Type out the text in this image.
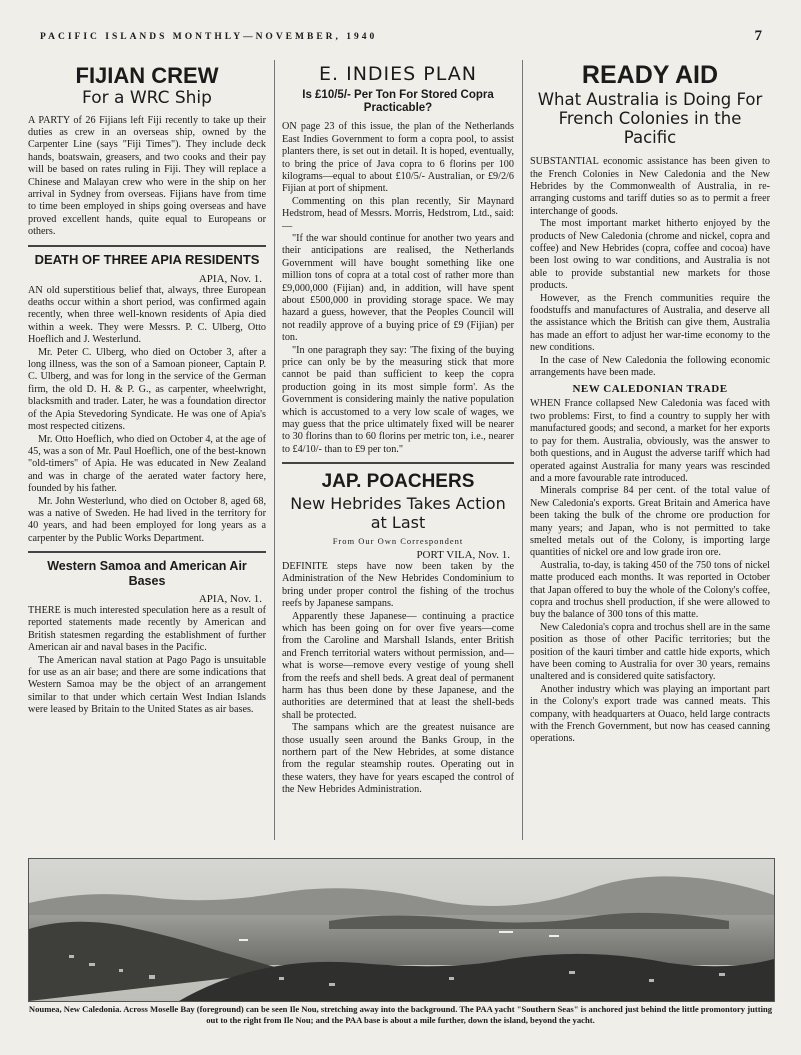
PACIFIC ISLANDS MONTHLY—NOVEMBER, 1940	7
FIJIAN CREW
For a WRC Ship

A PARTY of 26 Fijians left Fiji recently to take up their duties as crew in an overseas ship, owned by the Carpenter Line (says "Fiji Times"). They include deck hands, boatswain, greasers, and two cooks and their pay will be based on rates ruling in Fiji. They will replace a Chinese and Malayan crew who were in the ship on her arrival in Sydney from overseas. Fijians have from time to time been employed in ships going overseas and have proved excellent hands, quite equal to Europeans or others.

DEATH OF THREE APIA RESIDENTS
APIA, Nov. 1.

AN old superstitious belief that, always, three European deaths occur within a short period, was confirmed again recently, when three well-known residents of Apia died within a week. They were Messrs. P. C. Ulberg, Otto Hoeflich and J. Westerlund.

Mr. Peter C. Ulberg, who died on October 3, after a long illness, was the son of a Samoan pioneer, Captain P. C. Ulberg, and was for long in the service of the German firm, the old D. H. & P. G., as carpenter, wheelwright, blacksmith and trader. Later, he was a foundation director of the Apia Stevedoring Syndicate. He was one of Apia's most respected citizens.

Mr. Otto Hoeflich, who died on October 4, at the age of 45, was a son of Mr. Paul Hoeflich, one of the best-known "old-timers" of Apia. He was educated in New Zealand and was in charge of the aerated water factory here, founded by his father.

Mr. John Westerlund, who died on October 8, aged 68, was a native of Sweden. He had lived in the territory for 40 years, and had been employed for long years as a carpenter by the Public Works Department.

Western Samoa and American Air Bases
APIA, Nov. 1.

THERE is much interested speculation here as a result of reported statements made recently by American and British statesmen regarding the establishment of further American air and naval bases in the Pacific.

The American naval station at Pago Pago is unsuitable for use as an air base; and there are some indications that Western Samoa may be the object of an arrangement similar to that under which certain West Indian Islands were leased by Britain to the United States as air bases.

E. INDIES PLAN
Is £10/5/- Per Ton For Stored Copra Practicable?

ON page 23 of this issue, the plan of the Netherlands East Indies Government to form a copra pool, to assist planters there, is set out in detail. It is hoped, eventually, to bring the price of Java copra to 6 florins per 100 kilograms—equal to about £10/5/- Australian, or £9/2/6 Fijian at port of shipment.

Commenting on this plan recently, Sir Maynard Hedstrom, head of Messrs. Morris, Hedstrom, Ltd., said:—

"If the war should continue for another two years and their anticipations are realised, the Netherlands Government will have bought something like one million tons of copra at a total cost of rather more than £9,000,000 (Fijian) and, in addition, will have spent about £500,000 in providing storage space. We may hazard a guess, however, that the Peoples Council will not readily approve of a buying price of £9 (Fijian) per ton.

"In one paragraph they say: 'The fixing of the buying price can only be by the measuring stick that more cannot be paid than sufficient to keep the copra production going in its most simple form'. As the Government is considering mainly the native population which is accustomed to a very low scale of wages, we may guess that the price ultimately fixed will be nearer to 30 florins than to 60 florins per metric ton, i.e., nearer to £4/10/- than to £9 per ton."

JAP. POACHERS
New Hebrides Takes Action at Last
From Our Own Correspondent
PORT VILA, Nov. 1.

DEFINITE steps have now been taken by the Administration of the New Hebrides Condominium to bring under proper control the fishing of the trochus reefs by Japanese sampans.

Apparently these Japanese— continuing a practice which has been going on for over five years—come from the Caroline and Marshall Islands, enter British and French territorial waters without permission, and—what is worse—remove every vestige of young shell from the reefs and shell beds. A great deal of permanent harm has thus been done by these Japanese, and the authorities are determined that at least the shell-beds shall be protected.

The sampans which are the greatest nuisance are those usually seen around the Banks Group, in the northern part of the New Hebrides, at some distance from the regular steamship routes. Operating out in these waters, they have for years escaped the control of the New Hebrides Administration.

READY AID
What Australia is Doing For French Colonies in the Pacific

SUBSTANTIAL economic assistance has been given to the French Colonies in New Caledonia and the New Hebrides by the Commonwealth of Australia, in re-arranging customs and tariff duties so as to permit a freer interchange of goods.

The most important market hitherto enjoyed by the products of New Caledonia (chrome and nickel, copra and coffee) and New Hebrides (copra, coffee and cocoa) have been lost owing to war conditions, and Australia is not able to provide substantial new markets for those products.

However, as the French communities require the foodstuffs and manufactures of Australia, and deserve all the assistance which the British can give them, Australia has made an effort to adjust her war-time economy to the new conditions.

In the case of New Caledonia the following economic arrangements have been made.

NEW CALEDONIAN TRADE

WHEN France collapsed New Caledonia was faced with two problems: First, to find a country to supply her with manufactured goods; and second, a market for her exports to pay for them. Australia, obviously, was the answer to both questions, and in August the adverse tariff which had operated against Australia for many years was rescinded and a more favourable rate introduced.

Minerals comprise 84 per cent. of the total value of New Caledonia's exports. Great Britain and America have been taking the bulk of the chrome ore production for many years; and Japan, who is not permitted to take smelted metals out of the Colony, is importing large quantities of nickel ore and low grade iron ore.

Australia, to-day, is taking 450 of the 750 tons of nickel matte produced each months. It was reported in October that Japan offered to buy the whole of the Colony's coffee, copra and trochus shell production, if she were allowed to buy the balance of 300 tons of this matte.

New Caledonia's copra and trochus shell are in the same position as those of other Pacific territories; but the position of the kauri timber and cattle hide exports, which have been coming to Australia for over 30 years, remains unaltered and is considered quite satisfactory.

Another industry which was playing an important part in the Colony's export trade was canned meats. This company, with headquarters at Ouaco, held large contracts with the French Government, but now has ceased canning operations.

Noumea, New Caledonia. Across Moselle Bay (foreground) can be seen Ile Nou, stretching away into the background. The PAA yacht "Southern Seas" is anchored just behind the little promontory jutting out to the right from Ile Nou; and the PAA base is about a mile further, down the island, beyond the yacht.
